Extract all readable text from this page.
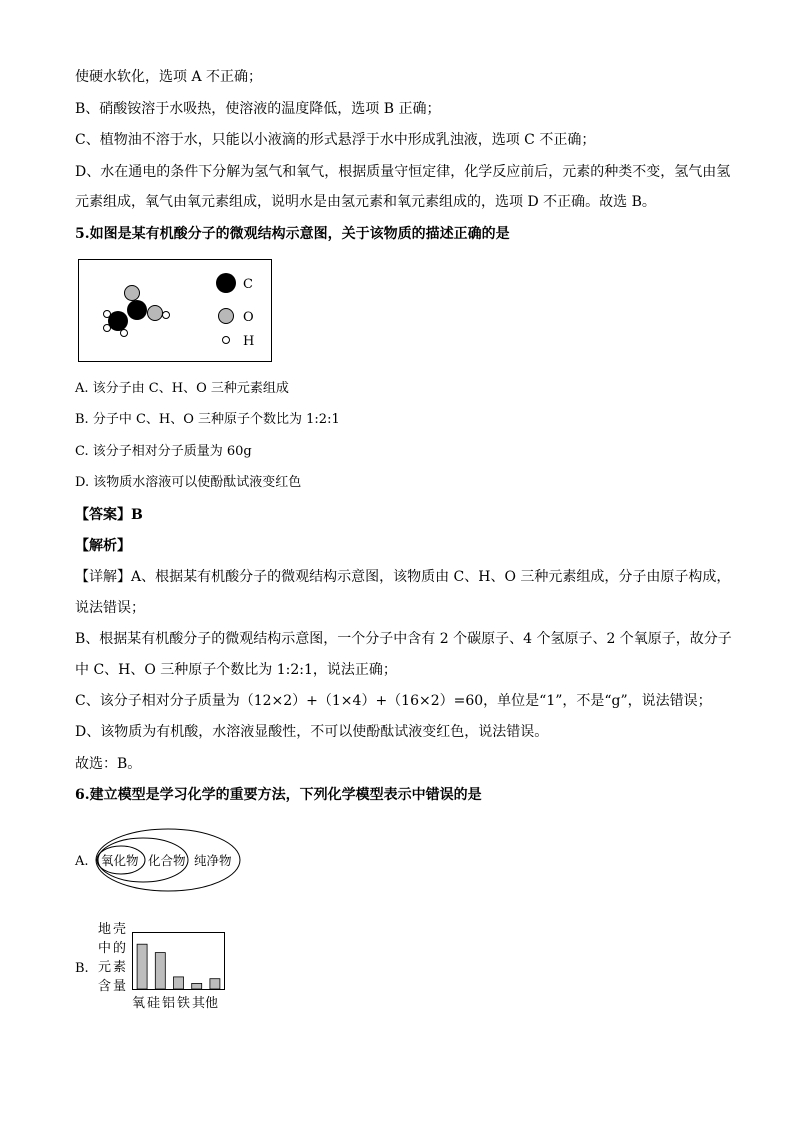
使硬水软化，选项 A 不正确；
B、硝酸铵溶于水吸热，使溶液的温度降低，选项 B 正确；
C、植物油不溶于水，只能以小液滴的形式悬浮于水中形成乳浊液，选项 C 不正确；
D、水在通电的条件下分解为氢气和氧气，根据质量守恒定律，化学反应前后，元素的种类不变，氢气由氢
元素组成，氧气由氧元素组成，说明水是由氢元素和氧元素组成的，选项 D 不正确。故选 B。
5.如图是某有机酸分子的微观结构示意图，关于该物质的描述正确的是
C
O
H
A. 该分子由 C、H、O 三种元素组成
B. 分子中 C、H、O 三种原子个数比为 1:2:1
C. 该分子相对分子质量为 60g
D. 该物质水溶液可以使酚酞试液变红色
【答案】B
【解析】
【详解】A、根据某有机酸分子的微观结构示意图，该物质由 C、H、O 三种元素组成，分子由原子构成，
说法错误；
B、根据某有机酸分子的微观结构示意图，一个分子中含有 2 个碳原子、4 个氢原子、2 个氧原子，故分子
中 C、H、O 三种原子个数比为 1:2:1，说法正确；
C、该分子相对分子质量为（12×2）+（1×4）+（16×2）=60，单位是“1”，不是“g”，说法错误；
D、该物质为有机酸，水溶液显酸性，不可以使酚酞试液变红色，说法错误。
故选：B。
6.建立模型是学习化学的重要方法，下列化学模型表示中错误的是
A. 氧化物 化合物 纯净物
B.
地 壳
中 的
元 素
含 量
氧 硅 铝 铁 其他
